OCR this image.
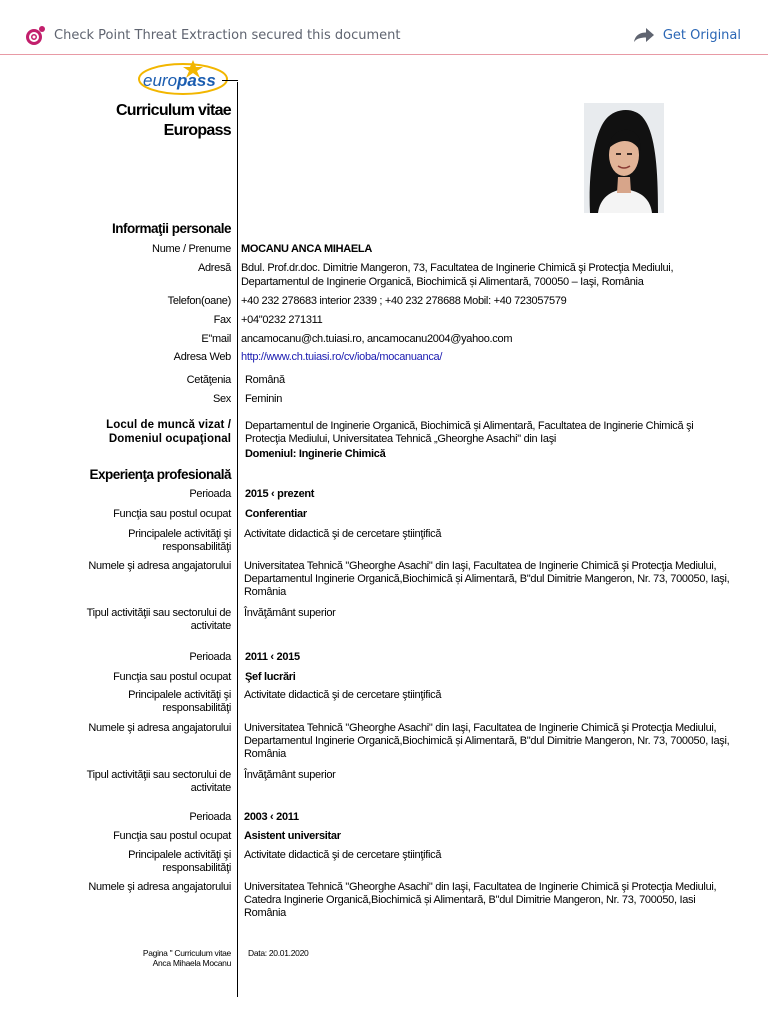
Check Point Threat Extraction secured this document	Get Original
europass
Curriculum vitae
Europass
Informaţii personale
Nume / Prenume MOCANU ANCA MIHAELA
Adresă Bdul. Prof.dr.doc. Dimitrie Mangeron, 73, Facultatea de Inginerie Chimică şi Protecţia Mediului,
Departamentul de Inginerie Organică, Biochimică și Alimentară, 700050 – Iaşi, România
Telefon(oane) +40 232 278683 interior 2339 ; +40 232 278688 Mobil: +40 723057579
Fax +04"0232 271311
E"mail ancamocanu@ch.tuiasi.ro, ancamocanu2004@yahoo.com
Adresa Web http://www.ch.tuiasi.ro/cv/ioba/mocanuanca/
Cetăţenia Română
Sex Feminin
Locul de muncă vizat /
Domeniul ocupaţional
Departamentul de Inginerie Organică, Biochimică și Alimentară, Facultatea de Inginerie Chimică şi Protecţia Mediului, Universitatea Tehnică „Gheorghe Asachi" din Iaşi
Domeniul: Inginerie Chimică
Experienţa profesională
Perioada 2015 ‹ prezent
Funcţia sau postul ocupat Conferentiar
Principalele activităţi şi responsabilităţi
Activitate didactică şi de cercetare ştiinţifică
Numele şi adresa angajatorului Universitatea Tehnică "Gheorghe Asachi" din Iaşi, Facultatea de Inginerie Chimică şi Protecţia Mediului, Departamentul Inginerie Organică,Biochimică și Alimentară, B"dul Dimitrie Mangeron, Nr. 73, 700050, Iaşi, România
Tipul activităţii sau sectorului de activitate
Învăţământ superior
Perioada 2011 ‹ 2015
Funcţia sau postul ocupat Şef lucrări
Principalele activităţi şi responsabilităţi
Activitate didactică şi de cercetare ştiinţifică
Numele şi adresa angajatorului Universitatea Tehnică "Gheorghe Asachi" din Iaşi, Facultatea de Inginerie Chimică şi Protecţia Mediului, Departamentul Inginerie Organică,Biochimică și Alimentară, B"dul Dimitrie Mangeron, Nr. 73, 700050, Iaşi, România
Tipul activităţii sau sectorului de activitate
Învăţământ superior
Perioada 2003 ‹ 2011
Funcţia sau postul ocupat Asistent universitar
Principalele activităţi şi responsabilităţi
Activitate didactică şi de cercetare ştiinţifică
Numele şi adresa angajatorului Universitatea Tehnică "Gheorghe Asachi" din Iaşi, Facultatea de Inginerie Chimică şi Protecţia Mediului, Catedra Inginerie Organică,Biochimică și Alimentară, B"dul Dimitrie Mangeron, Nr. 73, 700050, Iasi România
Pagina " Curriculum vitae
Anca Mihaela Mocanu
Data: 20.01.2020
